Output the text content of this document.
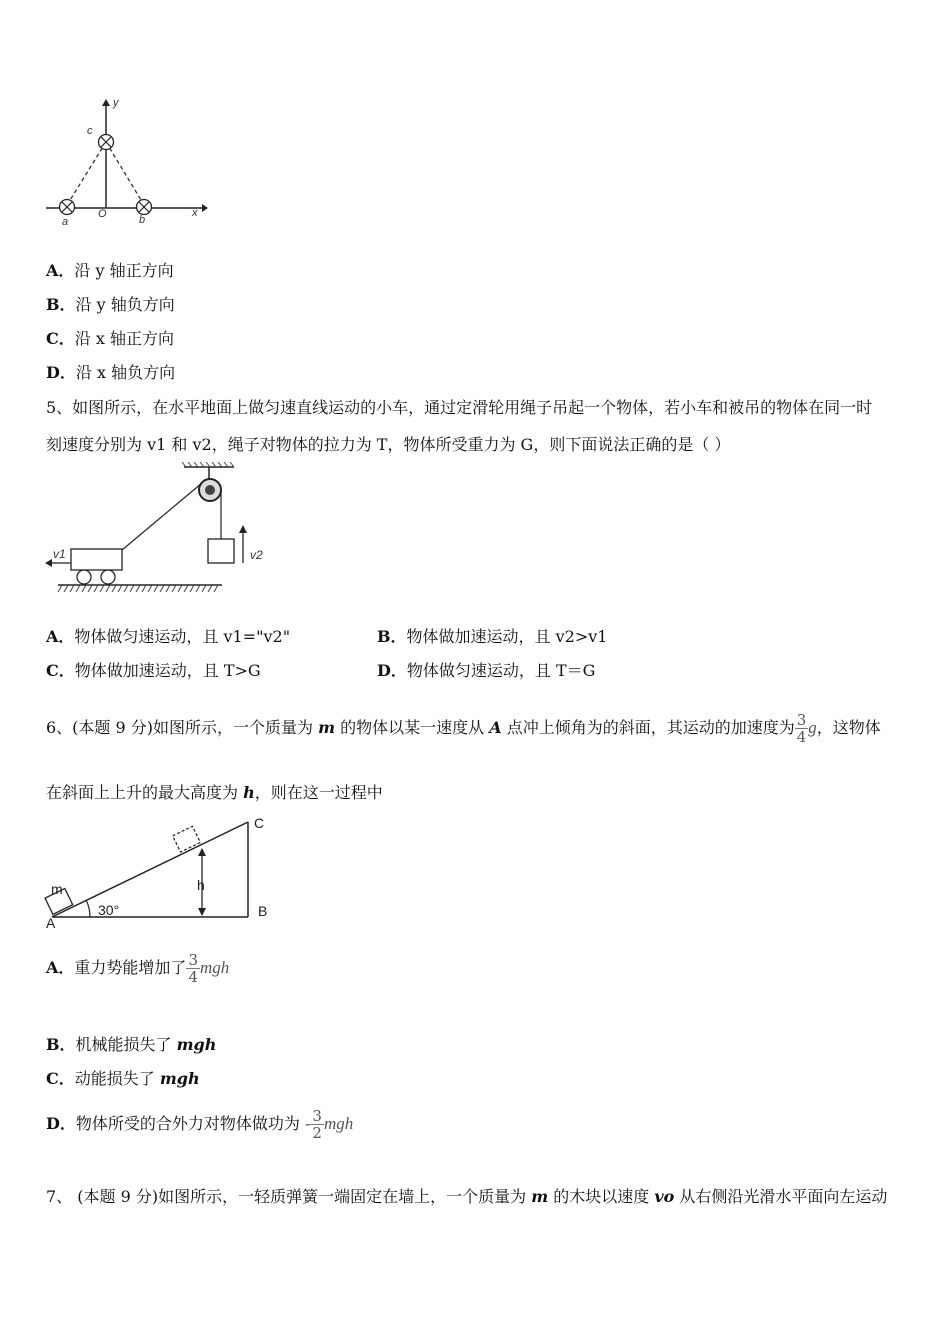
y
x
c
O
a	b
A．沿 y 轴正方向
B．沿 y 轴负方向
C．沿 x 轴正方向
D．沿 x 轴负方向
5、如图所示，在水平地面上做匀速直线运动的小车，通过定滑轮用绳子吊起一个物体，若小车和被吊的物体在同一时
刻速度分别为 v1 和 v2，绳子对物体的拉力为 T，物体所受重力为 G，则下面说法正确的是（ ）
v2
v1
A．物体做匀速运动，且 v1="v2"	B．物体做加速运动，且 v2>v1
C．物体做加速运动，且 T>G	D．物体做匀速运动，且 T＝G
6、(本题 9 分)如图所示，一个质量为 m 的物体以某一速度从 A 点冲上倾角为的斜面，其运动的加速度为 $\frac{3}{4}$ g，这物体
在斜面上上升的最大高度为 h，则在这一过程中
m
30°
h
A
B
C
A．重力势能增加了 $\frac{3}{4}$ mgh
B．机械能损失了 mgh
C．动能损失了 mgh
D．物体所受的合外力对物体做功为 - $\frac{3}{2}$ mgh
7、 (本题 9 分)如图所示，一轻质弹簧一端固定在墙上，一个质量为 m 的木块以速度 vo 从右侧沿光滑水平面向左运动
